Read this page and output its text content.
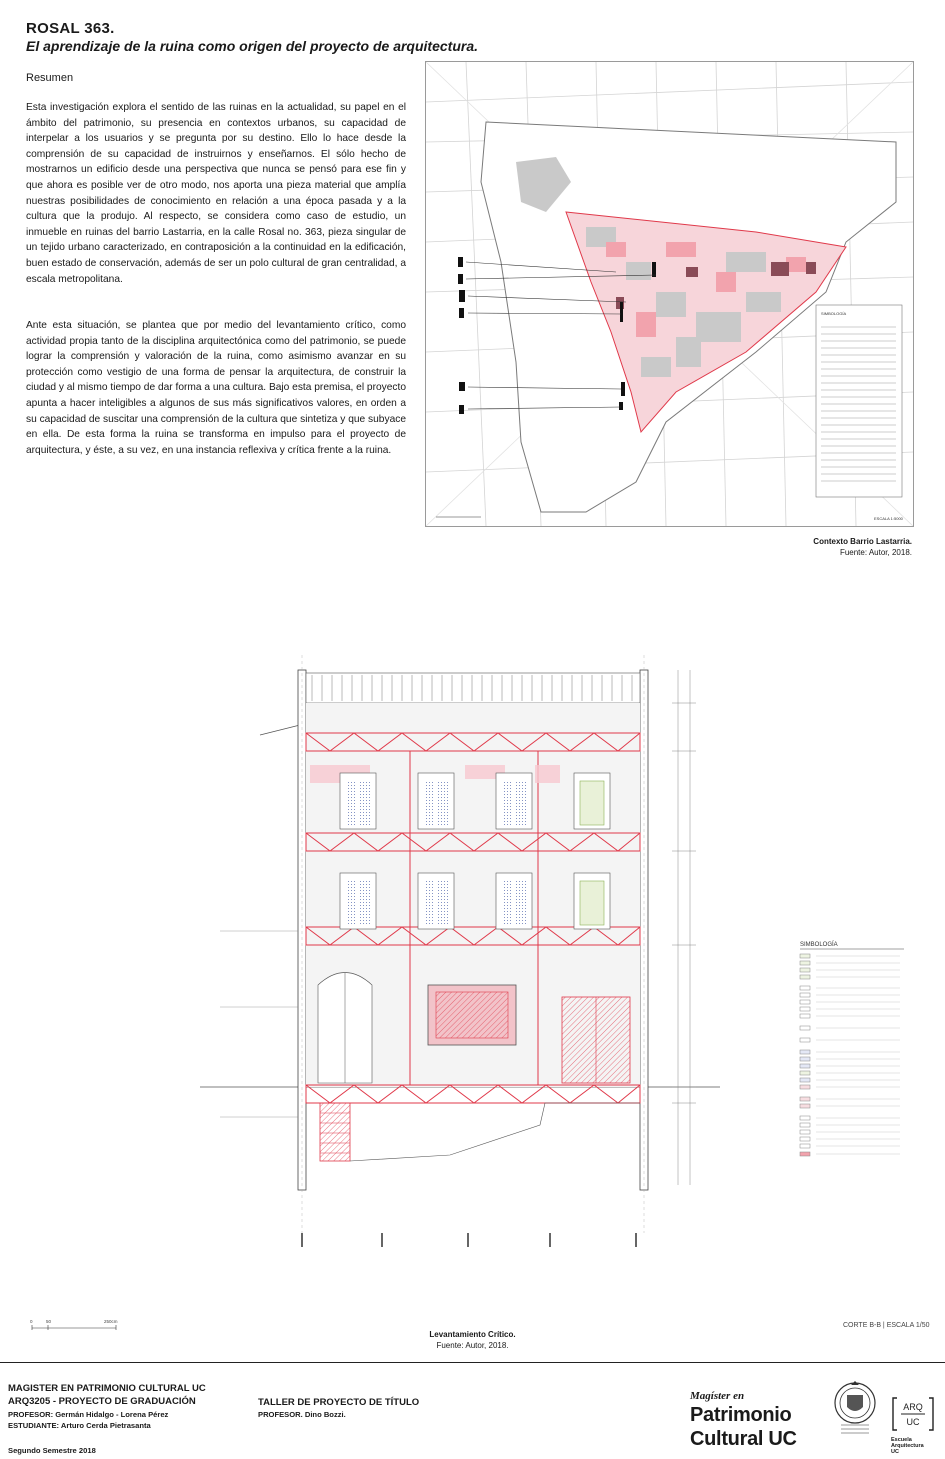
ROSAL 363.
El aprendizaje de la ruina como origen del proyecto de arquitectura.
Resumen
Esta investigación explora el sentido de las ruinas en la actualidad, su papel en el ámbito del patrimonio, su presencia en contextos urbanos, su capacidad de interpelar a los usuarios y se pregunta por su destino. Ello lo hace desde la comprensión de su capacidad de instruirnos y enseñarnos. El sólo hecho de mostrarnos un edificio desde una perspectiva que nunca se pensó para ese fin y que ahora es posible ver de otro modo, nos aporta una pieza material que amplía nuestras posibilidades de conocimiento en relación a una época pasada y a la cultura que la produjo. Al respecto, se considera como caso de estudio, un inmueble en ruinas del barrio Lastarria, en la calle Rosal no. 363, pieza singular de un tejido urbano caracterizado, en contraposición a la continuidad en la edificación, buen estado de conservación, además de ser un polo cultural de gran centralidad, a escala metropolitana.
Ante esta situación, se plantea que por medio del levantamiento crítico, como actividad propia tanto de la disciplina arquitectónica como del patrimonio, se puede lograr la comprensión y valoración de la ruina, como asimismo avanzar en su protección como vestigio de una forma de pensar la arquitectura, de construir la ciudad y al mismo tiempo de dar forma a una cultura. Bajo esta premisa, el proyecto apunta a hacer inteligibles a algunos de sus más significativos valores, en orden a su capacidad de suscitar una comprensión de la cultura que sintetiza y que subyace en ella. De esta forma la ruina se transforma en impulso para el proyecto de arquitectura, y éste, a su vez, en una instancia reflexiva y crítica frente a la ruina.
SIMBOLOGÍA
ESCALA 1:5000
Contexto Barrio Lastarria.
Fuente: Autor, 2018.
SIMBOLOGÍA
0	50	250cm
CORTE B-B | ESCALA 1/50
Levantamiento Crítico.
Fuente: Autor, 2018.
MAGISTER EN PATRIMONIO CULTURAL UC
ARQ3205 - PROYECTO DE GRADUACIÓN
PROFESOR: Germán Hidalgo - Lorena Pérez
ESTUDIANTE: Arturo Cerda Pietrasanta
Segundo Semestre 2018
TALLER DE PROYECTO DE TÍTULO
PROFESOR. Dino Bozzi.
Magíster en
Patrimonio
Cultural UC
ARQ
UC
Escuela
Arquitectura
UC
